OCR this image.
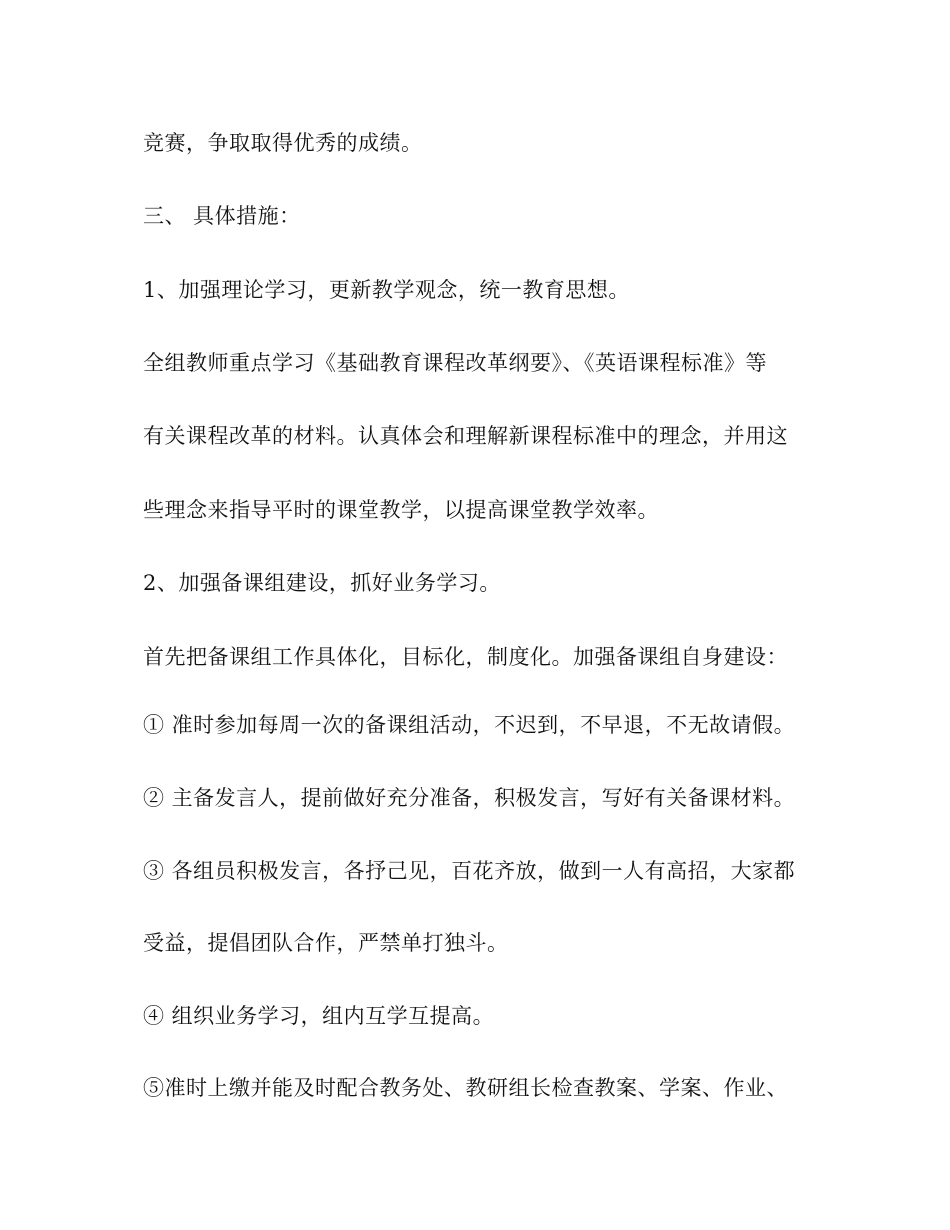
竞赛，争取取得优秀的成绩。
三、 具体措施：
1、加强理论学习，更新教学观念，统一教育思想。
全组教师重点学习《基础教育课程改革纲要》、《英语课程标准》等
有关课程改革的材料。认真体会和理解新课程标准中的理念，并用这
些理念来指导平时的课堂教学，以提高课堂教学效率。
2、加强备课组建设，抓好业务学习。
首先把备课组工作具体化，目标化，制度化。加强备课组自身建设：
① 准时参加每周一次的备课组活动，不迟到，不早退，不无故请假。
② 主备发言人，提前做好充分准备，积极发言，写好有关备课材料。
③ 各组员积极发言，各抒己见，百花齐放，做到一人有高招，大家都
受益，提倡团队合作，严禁单打独斗。
④ 组织业务学习，组内互学互提高。
⑤准时上缴并能及时配合教务处、教研组长检查教案、学案、作业、
